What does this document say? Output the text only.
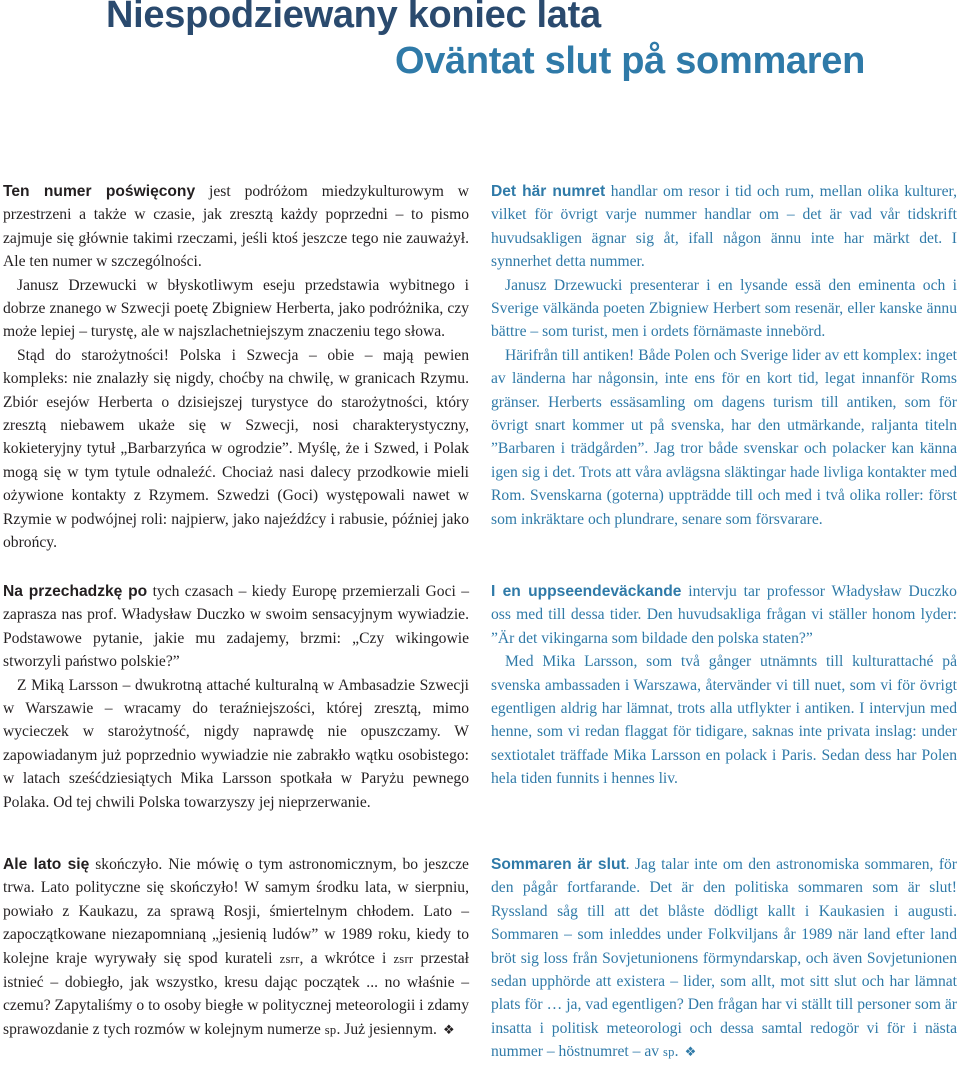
Niespodziewany koniec lata
Oväntat slut på sommaren

Ten numer poświęcony jest podróżom miedzykulturowym w przestrzeni a także w czasie, jak zresztą każdy poprzedni – to pismo zajmuje się głównie takimi rzeczami, jeśli ktoś jeszcze tego nie zauważył. Ale ten numer w szczególności.

Janusz Drzewucki w błyskotliwym eseju przedstawia wybitnego i dobrze znanego w Szwecji poetę Zbigniew Herberta, jako podróżnika, czy może lepiej – turystę, ale w najszlachetniejszym znaczeniu tego słowa.

Stąd do starożytności! Polska i Szwecja – obie – mają pewien kompleks: nie znalazły się nigdy, choćby na chwilę, w granicach Rzymu. Zbiór esejów Herberta o dzisiejszej turystyce do starożytności, który zresztą niebawem ukaże się w Szwecji, nosi charakterystyczny, kokieteryjny tytuł „Barbarzyńca w ogrodzie”. Myślę, że i Szwed, i Polak mogą się w tym tytule odnaleźć. Chociaż nasi dalecy przodkowie mieli ożywione kontakty z Rzymem. Szwedzi (Goci) występowali nawet w Rzymie w podwójnej roli: najpierw, jako najeźdźcy i rabusie, później jako obrońcy.

Na przechadzkę po tych czasach – kiedy Europę przemierzali Goci – zaprasza nas prof. Władysław Duczko w swoim sensacyjnym wywiadzie. Podstawowe pytanie, jakie mu zadajemy, brzmi: „Czy wikingowie stworzyli państwo polskie?”

Z Miką Larsson – dwukrotną attaché kulturalną w Ambasadzie Szwecji w Warszawie – wracamy do teraźniejszości, której zresztą, mimo wycieczek w starożytność, nigdy naprawdę nie opuszczamy. W zapowiadanym już poprzednio wywiadzie nie zabrakło wątku osobistego: w latach sześćdziesiątych Mika Larsson spotkała w Paryżu pewnego Polaka. Od tej chwili Polska towarzyszy jej nieprzerwanie.

Ale lato się skończyło. Nie mówię o tym astronomicznym, bo jeszcze trwa. Lato polityczne się skończyło! W samym środku lata, w sierpniu, powiało z Kaukazu, za sprawą Rosji, śmiertelnym chłodem. Lato – zapoczątkowane niezapomnianą „jesienią ludów” w 1989 roku, kiedy to kolejne kraje wyrywały się spod kurateli zsrr, a wkrótce i zsrr przestał istnieć – dobiegło, jak wszystko, kresu dając początek ... no właśnie – czemu? Zapytaliśmy o to osoby biegłe w politycznej meteorologii i zdamy sprawozdanie z tych rozmów w kolejnym numerze sp. Już jesiennym. ❖

Det här numret handlar om resor i tid och rum, mellan olika kulturer, vilket för övrigt varje nummer handlar om – det är vad vår tidskrift huvudsakligen ägnar sig åt, ifall någon ännu inte har märkt det. I synnerhet detta nummer.

Janusz Drzewucki presenterar i en lysande essä den eminenta och i Sverige välkända poeten Zbigniew Herbert som resenär, eller kanske ännu bättre – som turist, men i ordets förnämaste innebörd.

Härifrån till antiken! Både Polen och Sverige lider av ett komplex: inget av länderna har någonsin, inte ens för en kort tid, legat innanför Roms gränser. Herberts essäsamling om dagens turism till antiken, som för övrigt snart kommer ut på svenska, har den utmärkande, raljanta titeln ”Barbaren i trädgården”. Jag tror både svenskar och polacker kan känna igen sig i det. Trots att våra avlägsna släktingar hade livliga kontakter med Rom. Svenskarna (goterna) uppträdde till och med i två olika roller: först som inkräktare och plundrare, senare som försvarare.

I en uppseendeväckande intervju tar professor Władysław Duczko oss med till dessa tider. Den huvudsakliga frågan vi ställer honom lyder: ”Är det vikingarna som bildade den polska staten?”

Med Mika Larsson, som två gånger utnämnts till kulturattaché på svenska ambassaden i Warszawa, återvänder vi till nuet, som vi för övrigt egentligen aldrig har lämnat, trots alla utflykter i antiken. I intervjun med henne, som vi redan flaggat för tidigare, saknas inte privata inslag: under sextiotalet träffade Mika Larsson en polack i Paris. Sedan dess har Polen hela tiden funnits i hennes liv.

Sommaren är slut. Jag talar inte om den astronomiska sommaren, för den pågår fortfarande. Det är den politiska sommaren som är slut! Ryssland såg till att det blåste dödligt kallt i Kaukasien i augusti. Sommaren – som inleddes under Folkviljans år 1989 när land efter land bröt sig loss från Sovjetunionens förmyndarskap, och även Sovjetunionen sedan upphörde att existera – lider, som allt, mot sitt slut och har lämnat plats för … ja, vad egentligen? Den frågan har vi ställt till personer som är insatta i politisk meteorologi och dessa samtal redogör vi för i nästa nummer – höstnumret – av sp. ❖
